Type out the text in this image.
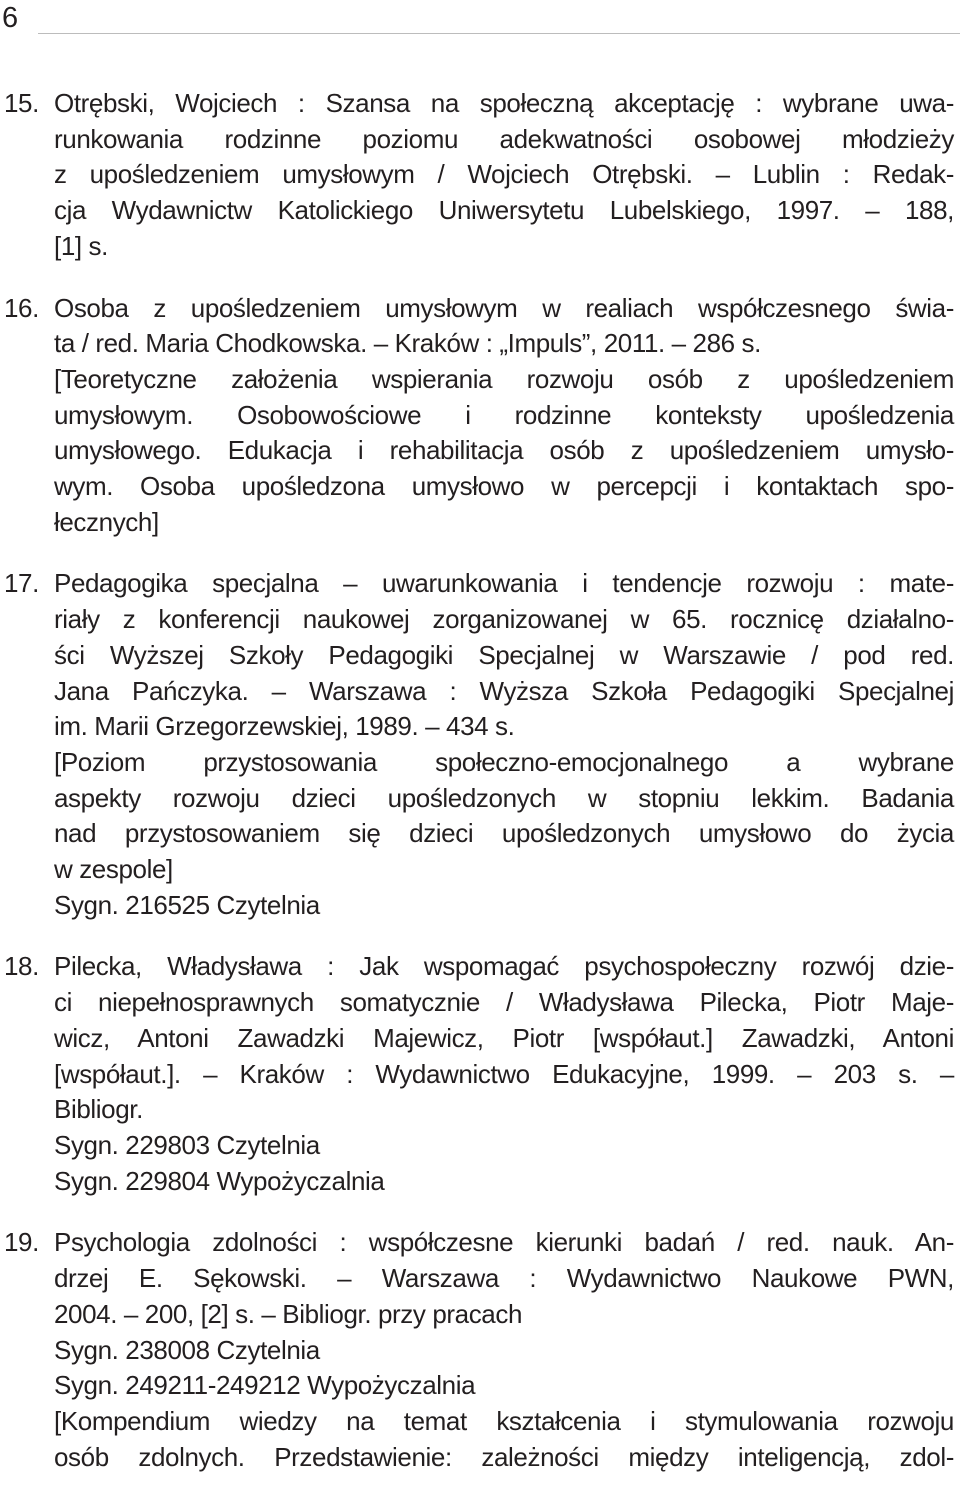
6
15. Otrębski, Wojciech : Szansa na społeczną akceptację : wybrane uwa-
runkowania rodzinne poziomu adekwatności osobowej młodzieży
z upośledzeniem umysłowym / Wojciech Otrębski. – Lublin : Redak-
cja Wydawnictw Katolickiego Uniwersytetu Lubelskiego, 1997. – 188,
[1] s.
16. Osoba z upośledzeniem umysłowym w realiach współczesnego świa-
ta / red. Maria Chodkowska. – Kraków : „Impuls”, 2011. – 286 s.
[Teoretyczne założenia wspierania rozwoju osób z upośledzeniem
umysłowym. Osobowościowe i rodzinne konteksty upośledzenia
umysłowego. Edukacja i rehabilitacja osób z upośledzeniem umysło-
wym. Osoba upośledzona umysłowo w percepcji i kontaktach spo-
łecznych]
17. Pedagogika specjalna – uwarunkowania i tendencje rozwoju : mate-
riały z konferencji naukowej zorganizowanej w 65. rocznicę działalno-
ści Wyższej Szkoły Pedagogiki Specjalnej w Warszawie / pod red.
Jana Pańczyka. – Warszawa : Wyższa Szkoła Pedagogiki Specjalnej
im. Marii Grzegorzewskiej, 1989. – 434 s.
[Poziom przystosowania społeczno-emocjonalnego a wybrane
aspekty rozwoju dzieci upośledzonych w stopniu lekkim. Badania
nad przystosowaniem się dzieci upośledzonych umysłowo do życia
w zespole]
Sygn. 216525 Czytelnia
18. Pilecka, Władysława : Jak wspomagać psychospołeczny rozwój dzie-
ci niepełnosprawnych somatycznie / Władysława Pilecka, Piotr Maje-
wicz, Antoni Zawadzki Majewicz, Piotr [współaut.] Zawadzki, Antoni
[współaut.]. – Kraków : Wydawnictwo Edukacyjne, 1999. – 203 s. –
Bibliogr.
Sygn. 229803 Czytelnia
Sygn. 229804 Wypożyczalnia
19. Psychologia zdolności : współczesne kierunki badań / red. nauk. An-
drzej E. Sękowski. – Warszawa : Wydawnictwo Naukowe PWN,
2004. – 200, [2] s. – Bibliogr. przy pracach
Sygn. 238008 Czytelnia
Sygn. 249211-249212 Wypożyczalnia
[Kompendium wiedzy na temat kształcenia i stymulowania rozwoju
osób zdolnych. Przedstawienie: zależności między inteligencją, zdol-
